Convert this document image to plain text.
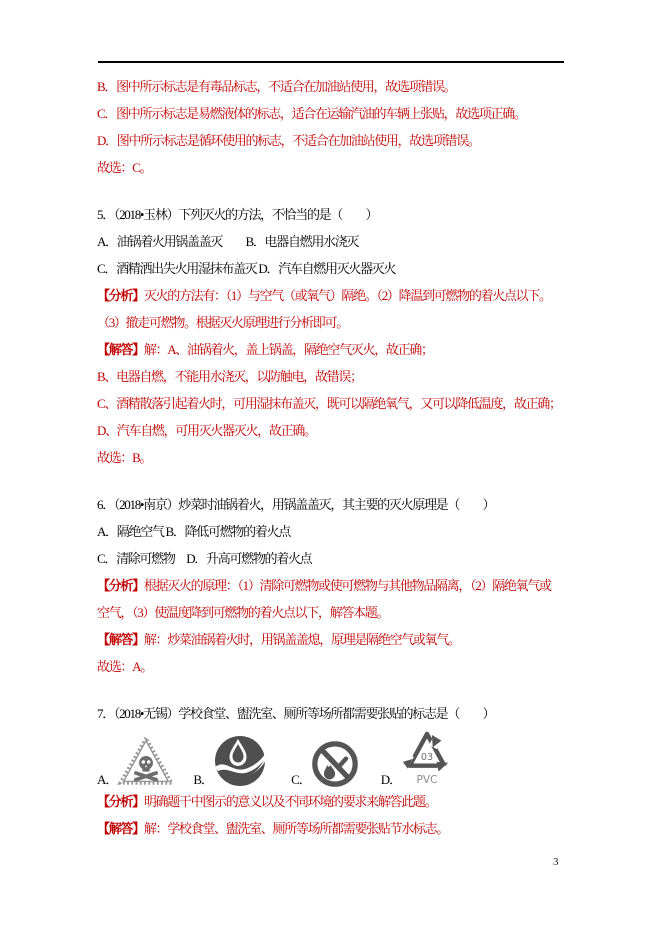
B．图中所示标志是有毒品标志，不适合在加油站使用，故选项错误。

C．图中所示标志是易燃液体的标志，适合在运输汽油的车辆上张贴，故选项正确。

D．图中所示标志是循环使用的标志，不适合在加油站使用，故选项错误。

故选：C。

5．（2018•玉林）下列灭火的方法，不恰当的是（　　）

A．油锅着火用锅盖盖灭　　B．电器自燃用水浇灭

C．酒精洒出失火用湿抹布盖灭 D．汽车自燃用灭火器灭火

【分析】灭火的方法有：（1）与空气（或氧气）隔绝。（2）降温到可燃物的着火点以下。

（3）撤走可燃物。根据灭火原理进行分析即可。

【解答】解：A、油锅着火，盖上锅盖，隔绝空气灭火，故正确；

B、电器自燃，不能用水浇灭，以防触电，故错误；

C、酒精散落引起着火时，可用湿抹布盖灭，既可以隔绝氧气，又可以降低温度，故正确；

D、汽车自燃，可用灭火器灭火，故正确。

故选：B。

6．（2018•南京）炒菜时油锅着火，用锅盖盖灭，其主要的灭火原理是（　　）

A．隔绝空气 B．降低可燃物的着火点

C．清除可燃物　D．升高可燃物的着火点

【分析】根据灭火的原理：（1）清除可燃物或使可燃物与其他物品隔离，（2）隔绝氧气或

空气，（3）使温度降到可燃物的着火点以下，解答本题。

【解答】解：炒菜油锅着火时，用锅盖盖熄，原理是隔绝空气或氧气。

故选：A。

7．（2018•无锡）学校食堂、盥洗室、厕所等场所都需要张贴的标志是（　　）

A．	B．	C．	D．
03
PVC

【分析】明确题干中图示的意义以及不同环境的要求来解答此题。

【解答】解：学校食堂、盥洗室、厕所等场所都需要张贴节水标志。

3
